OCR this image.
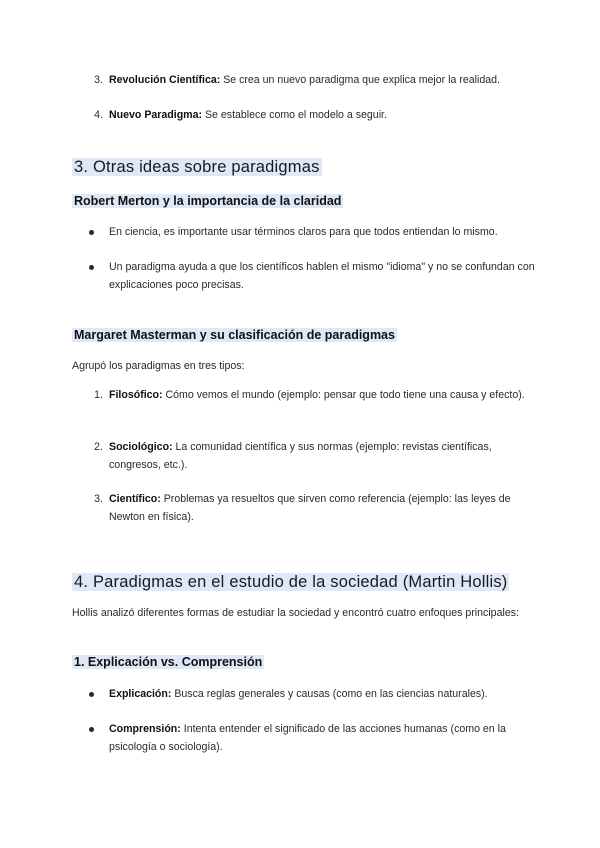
3. Revolución Científica: Se crea un nuevo paradigma que explica mejor la realidad.
4. Nuevo Paradigma: Se establece como el modelo a seguir.
3. Otras ideas sobre paradigmas
Robert Merton y la importancia de la claridad
En ciencia, es importante usar términos claros para que todos entiendan lo mismo.
Un paradigma ayuda a que los científicos hablen el mismo "idioma" y no se confundan con explicaciones poco precisas.
Margaret Masterman y su clasificación de paradigmas
Agrupó los paradigmas en tres tipos:
1. Filosófico: Cómo vemos el mundo (ejemplo: pensar que todo tiene una causa y efecto).
2. Sociológico: La comunidad científica y sus normas (ejemplo: revistas científicas, congresos, etc.).
3. Científico: Problemas ya resueltos que sirven como referencia (ejemplo: las leyes de Newton en física).
4. Paradigmas en el estudio de la sociedad (Martin Hollis)
Hollis analizó diferentes formas de estudiar la sociedad y encontró cuatro enfoques principales:
1. Explicación vs. Comprensión
Explicación: Busca reglas generales y causas (como en las ciencias naturales).
Comprensión: Intenta entender el significado de las acciones humanas (como en la psicología o sociología).
